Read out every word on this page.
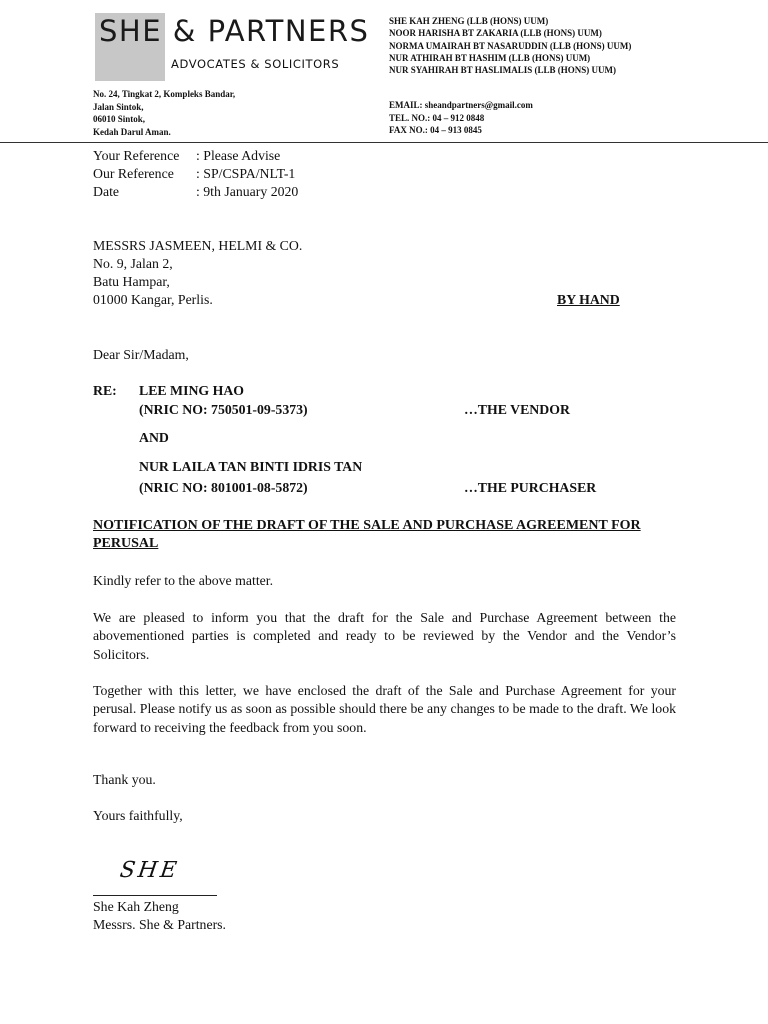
SHE & PARTNERS
ADVOCATES & SOLICITORS
SHE KAH ZHENG (LLB (HONS) UUM)
NOOR HARISHA BT ZAKARIA (LLB (HONS) UUM)
NORMA UMAIRAH BT NASARUDDIN (LLB (HONS) UUM)
NUR ATHIRAH BT HASHIM (LLB (HONS) UUM)
NUR SYAHIRAH BT HASLIMALIS (LLB (HONS) UUM)
No. 24, Tingkat 2, Kompleks Bandar,
Jalan Sintok,
06010 Sintok,
Kedah Darul Aman.
EMAIL: sheandpartners@gmail.com
TEL. NO.: 04 – 912 0848
FAX NO.: 04 – 913 0845
Your Reference	: Please Advise
Our Reference	: SP/CSPA/NLT-1
Date	: 9th January 2020
MESSRS JASMEEN, HELMI & CO.
No. 9, Jalan 2,
Batu Hampar,
01000 Kangar, Perlis.	BY HAND
Dear Sir/Madam,
RE: LEE MING HAO
(NRIC NO: 750501-09-5373)	…THE VENDOR
AND
NUR LAILA TAN BINTI IDRIS TAN
(NRIC NO: 801001-08-5872)	…THE PURCHASER
NOTIFICATION OF THE DRAFT OF THE SALE AND PURCHASE AGREEMENT FOR PERUSAL
Kindly refer to the above matter.
We are pleased to inform you that the draft for the Sale and Purchase Agreement between the abovementioned parties is completed and ready to be reviewed by the Vendor and the Vendor’s Solicitors.
Together with this letter, we have enclosed the draft of the Sale and Purchase Agreement for your perusal. Please notify us as soon as possible should there be any changes to be made to the draft. We look forward to receiving the feedback from you soon.
Thank you.
Yours faithfully,
SHE
She Kah Zheng
Messrs. She & Partners.
